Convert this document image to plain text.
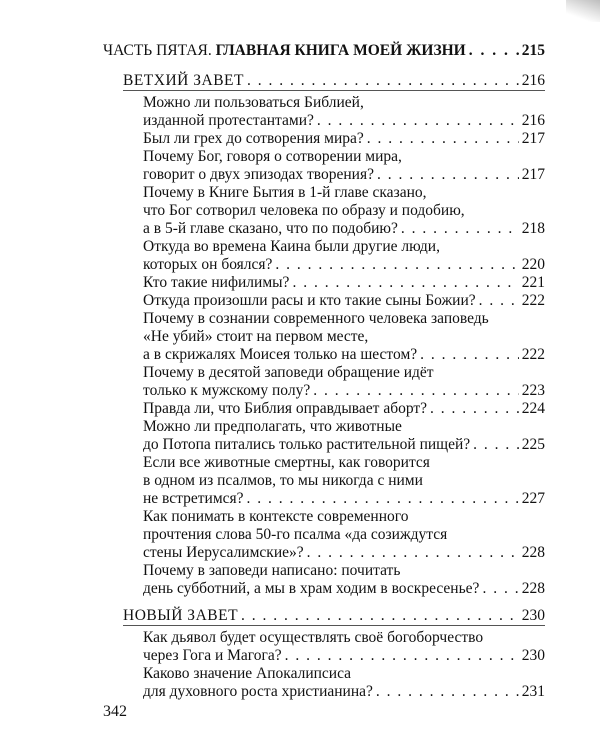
ЧАСТЬ ПЯТАЯ. ГЛАВНАЯ КНИГА МОЕЙ ЖИЗНИ . . .	215
ВЕТХИЙ ЗАВЕТ . . .	216
Можно ли пользоваться Библией,
изданной протестантами? . . .	216
Был ли грех до сотворения мира? . . .	217
Почему Бог, говоря о сотворении мира,
говорит о двух эпизодах творения? . . .	217
Почему в Книге Бытия в 1-й главе сказано,
что Бог сотворил человека по образу и подобию,
а в 5-й главе сказано, что по подобию? . . .	218
Откуда во времена Каина были другие люди,
которых он боялся? . . .	220
Кто такие нифилимы? . . .	221
Откуда произошли расы и кто такие сыны Божии? . . .	222
Почему в сознании современного человека заповедь
«Не убий» стоит на первом месте,
а в скрижалях Моисея только на шестом? . . .	222
Почему в десятой заповеди обращение идёт
только к мужскому полу? . . .	223
Правда ли, что Библия оправдывает аборт? . . .	224
Можно ли предполагать, что животные
до Потопа питались только растительной пищей? . . .	225
Если все животные смертны, как говорится
в одном из псалмов, то мы никогда с ними
не встретимся? . . .	227
Как понимать в контексте современного
прочтения слова 50-го псалма «да созиждутся
стены Иерусалимские»? . . .	228
Почему в заповеди написано: почитать
день субботний, а мы в храм ходим в воскресенье? . . .	228
НОВЫЙ ЗАВЕТ . . .	230
Как дьявол будет осуществлять своё богоборчество
через Гога и Магога? . . .	230
Каково значение Апокалипсиса
для духовного роста христианина? . . .	231
342
